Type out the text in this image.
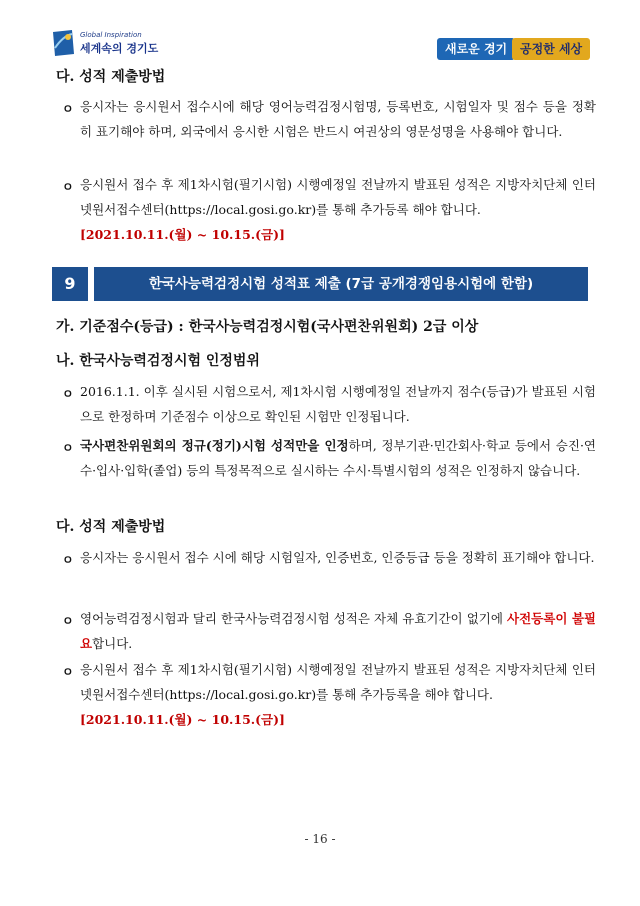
Global Inspiration
세계속의 경기도	새로운 경기	공정한 세상
다. 성적 제출방법
ㅇ 응시자는 응시원서 접수시에 해당 영어능력검정시험명, 등록번호, 시험일자 및 점수 등을 정확히 표기해야 하며, 외국에서 응시한 시험은 반드시 여권상의 영문성명을 사용해야 합니다.
ㅇ 응시원서 접수 후 제1차시험(필기시험) 시행예정일 전날까지 발표된 성적은 지방자치단체 인터넷원서접수센터(https://local.gosi.go.kr)를 통해 추가등록 해야 합니다.
[2021.10.11.(월) ~ 10.15.(금)]
9	한국사능력검정시험 성적표 제출 (7급 공개경쟁임용시험에 한함)
가. 기준점수(등급) : 한국사능력검정시험(국사편찬위원회) 2급 이상
나. 한국사능력검정시험 인정범위
ㅇ 2016.1.1. 이후 실시된 시험으로서, 제1차시험 시행예정일 전날까지 점수(등급)가 발표된 시험으로 한정하며 기준점수 이상으로 확인된 시험만 인정됩니다.
ㅇ 국사편찬위원회의 정규(정기)시험 성적만을 인정하며, 정부기관·민간회사·학교 등에서 승진·연수·입사·입학(졸업) 등의 특정목적으로 실시하는 수시·특별시험의 성적은 인정하지 않습니다.
다. 성적 제출방법
ㅇ 응시자는 응시원서 접수 시에 해당 시험일자, 인증번호, 인증등급 등을 정확히 표기해야 합니다.
ㅇ 영어능력검정시험과 달리 한국사능력검정시험 성적은 자체 유효기간이 없기에 사전등록이 불필요합니다.
ㅇ 응시원서 접수 후 제1차시험(필기시험) 시행예정일 전날까지 발표된 성적은 지방자치단체 인터넷원서접수센터(https://local.gosi.go.kr)를 통해 추가등록을 해야 합니다.
[2021.10.11.(월) ~ 10.15.(금)]
- 16 -
